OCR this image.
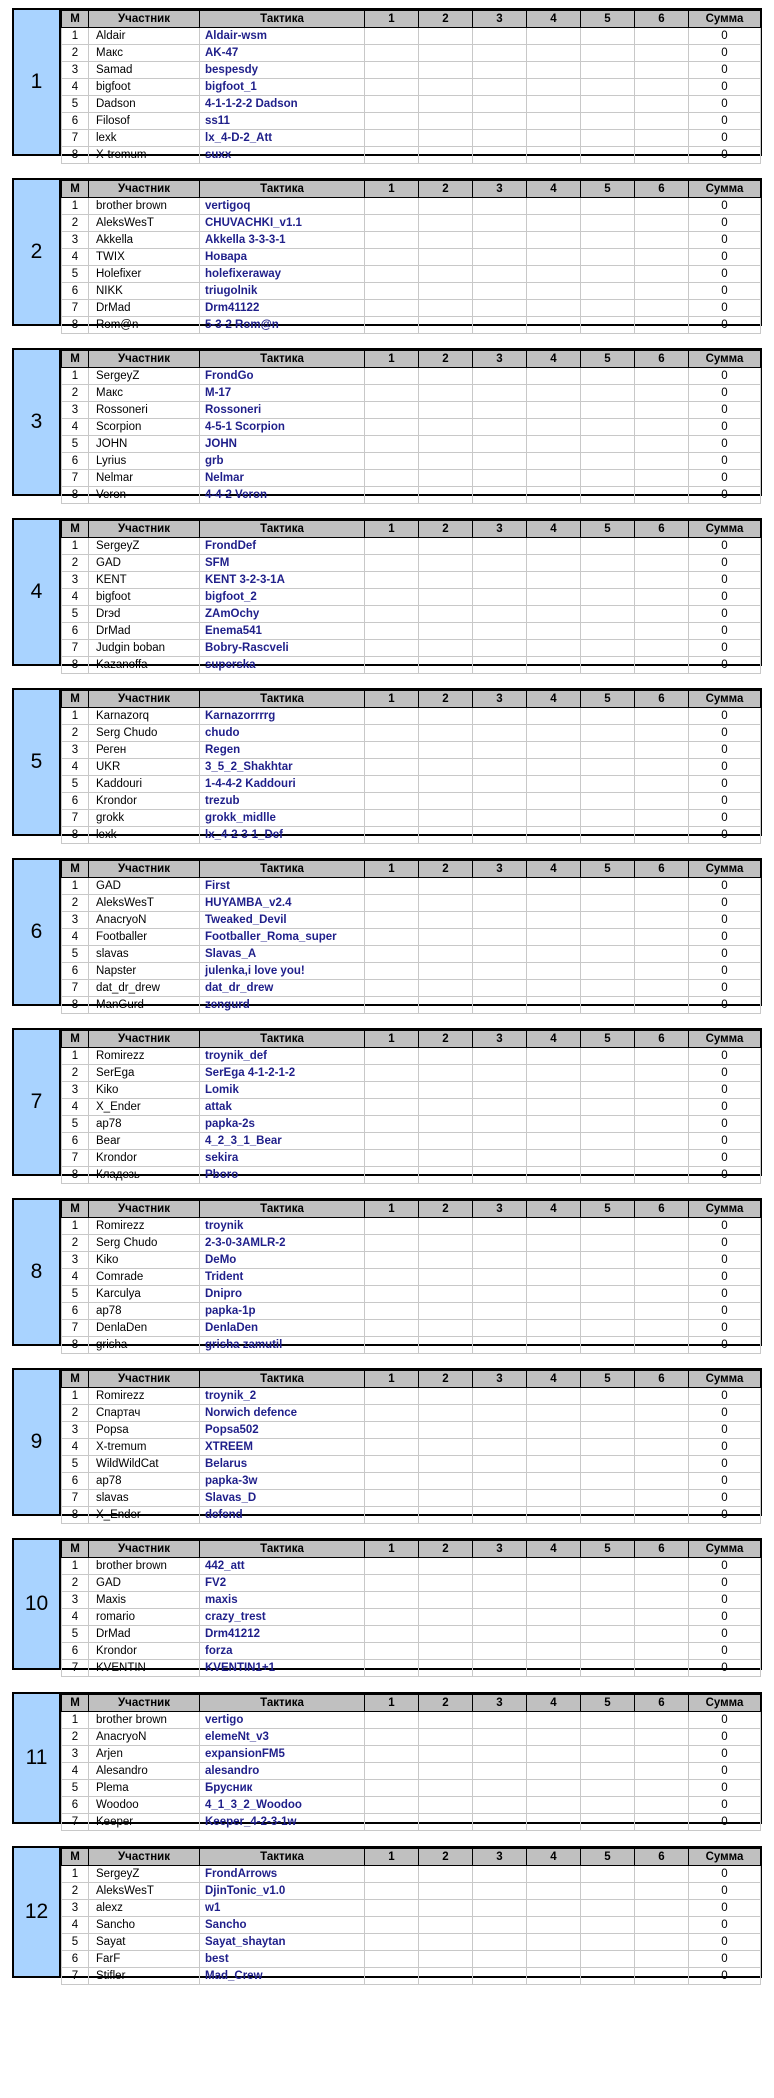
1
М	Участник	Тактика	1	2	3	4	5	6	Сумма
1	Aldair	Aldair-wsm							0
2	Макс	AK-47							0
3	Samad	bespesdy							0
4	bigfoot	bigfoot_1							0
5	Dadson	4-1-1-2-2 Dadson							0
6	Filosof	ss11							0
7	lexk	lx_4-D-2_Att							0
8	X-tremum	suxx							0
2
М	Участник	Тактика	1	2	3	4	5	6	Сумма
1	brother brown	vertigoq							0
2	AleksWesT	CHUVACHKI_v1.1							0
3	Akkella	Akkella 3-3-3-1							0
4	TWIX	Новара							0
5	Holefixer	holefixeraway							0
6	NIKK	triugolnik							0
7	DrMad	Drm41122							0
8	Rom@n	5-3-2 Rom@n							0
3
М	Участник	Тактика	1	2	3	4	5	6	Сумма
1	SergeyZ	FrondGo							0
2	Макс	M-17							0
3	Rossoneri	Rossoneri							0
4	Scorpion	4-5-1 Scorpion							0
5	JOHN	JOHN							0
6	Lyrius	grb							0
7	Nelmar	Nelmar							0
8	Veron	4-4-2 Veron							0
4
М	Участник	Тактика	1	2	3	4	5	6	Сумма
1	SergeyZ	FrondDef							0
2	GAD	SFM							0
3	KENT	KENT 3-2-3-1A							0
4	bigfoot	bigfoot_2							0
5	Drэd	ZAmOchy							0
6	DrMad	Enema541							0
7	Judgin boban	Bobry-Rascveli							0
8	Kazanoffa	superska							0
5
М	Участник	Тактика	1	2	3	4	5	6	Сумма
1	Karnazorq	Karnazorrrrg							0
2	Serg Chudo	chudo							0
3	Реген	Regen							0
4	UKR	3_5_2_Shakhtar							0
5	Kaddouri	1-4-4-2 Kaddouri							0
6	Krondor	trezub							0
7	grokk	grokk_midlle							0
8	lexk	lx_4-2-3-1_Def							0
6
М	Участник	Тактика	1	2	3	4	5	6	Сумма
1	GAD	First							0
2	AleksWesT	HUYAMBA_v2.4							0
3	AnacryoN	Tweaked_Devil							0
4	Footballer	Footballer_Roma_super							0
5	slavas	Slavas_A							0
6	Napster	julenka,i love you!							0
7	dat_dr_drew	dat_dr_drew							0
8	ManGurd	zengurd							0
7
М	Участник	Тактика	1	2	3	4	5	6	Сумма
1	Romirezz	troynik_def							0
2	SerEga	SerEga 4-1-2-1-2							0
3	Kiko	Lomik							0
4	X_Ender	attak							0
5	ap78	papka-2s							0
6	Bear	4_2_3_1_Bear							0
7	Krondor	sekira							0
8	Кладезь	Pboro							0
8
М	Участник	Тактика	1	2	3	4	5	6	Сумма
1	Romirezz	troynik							0
2	Serg Chudo	2-3-0-3AMLR-2							0
3	Kiko	DeMo							0
4	Comrade	Trident							0
5	Karculya	Dnipro							0
6	ap78	papka-1p							0
7	DenlaDen	DenlaDen							0
8	grisha	grisha zamutil							0
9
М	Участник	Тактика	1	2	3	4	5	6	Сумма
1	Romirezz	troynik_2							0
2	Спартач	Norwich defence							0
3	Popsa	Popsa502							0
4	X-tremum	XTREEM							0
5	WildWildCat	Belarus							0
6	ap78	papka-3w							0
7	slavas	Slavas_D							0
8	X_Ender	defend							0
10
М	Участник	Тактика	1	2	3	4	5	6	Сумма
1	brother brown	442_att							0
2	GAD	FV2							0
3	Maxis	maxis							0
4	romario	crazy_trest							0
5	DrMad	Drm41212							0
6	Krondor	forza							0
7	KVENTIN	KVENTIN1+1							0
11
М	Участник	Тактика	1	2	3	4	5	6	Сумма
1	brother brown	vertigo							0
2	AnacryoN	elemeNt_v3							0
3	Arjen	expansionFM5							0
4	Alesandro	alesandro							0
5	Plema	Брусник							0
6	Woodoo	4_1_3_2_Woodoo							0
7	Keeper	Keeper_4-2-3-1w							0
12
М	Участник	Тактика	1	2	3	4	5	6	Сумма
1	SergeyZ	FrondArrows							0
2	AleksWesT	DjinTonic_v1.0							0
3	alexz	w1							0
4	Sancho	Sancho							0
5	Sayat	Sayat_shaytan							0
6	FarF	best							0
7	Stifler	Mad_Crew							0
